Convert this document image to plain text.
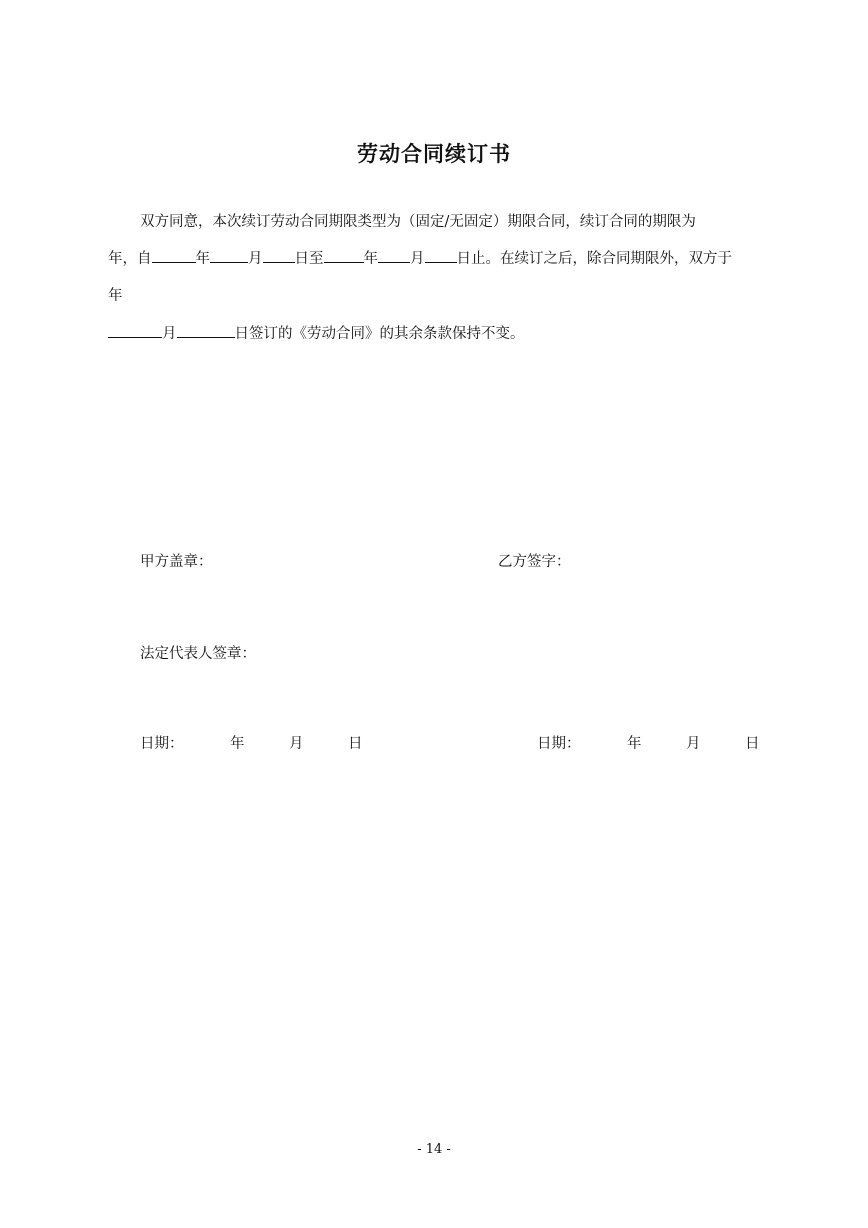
劳动合同续订书
双方同意，本次续订劳动合同期限类型为（固定/无固定）期限合同，续订合同的期限为
年，自	年	月 日至	年 月 日止。在续订之后，除合同期限外，双方于
年
月	日签订的《劳动合同》的其余条款保持不变。
甲方盖章：	乙方签字：
法定代表人签章：
日期：	年	月	日	日期：	年	月	日
- 14 -
